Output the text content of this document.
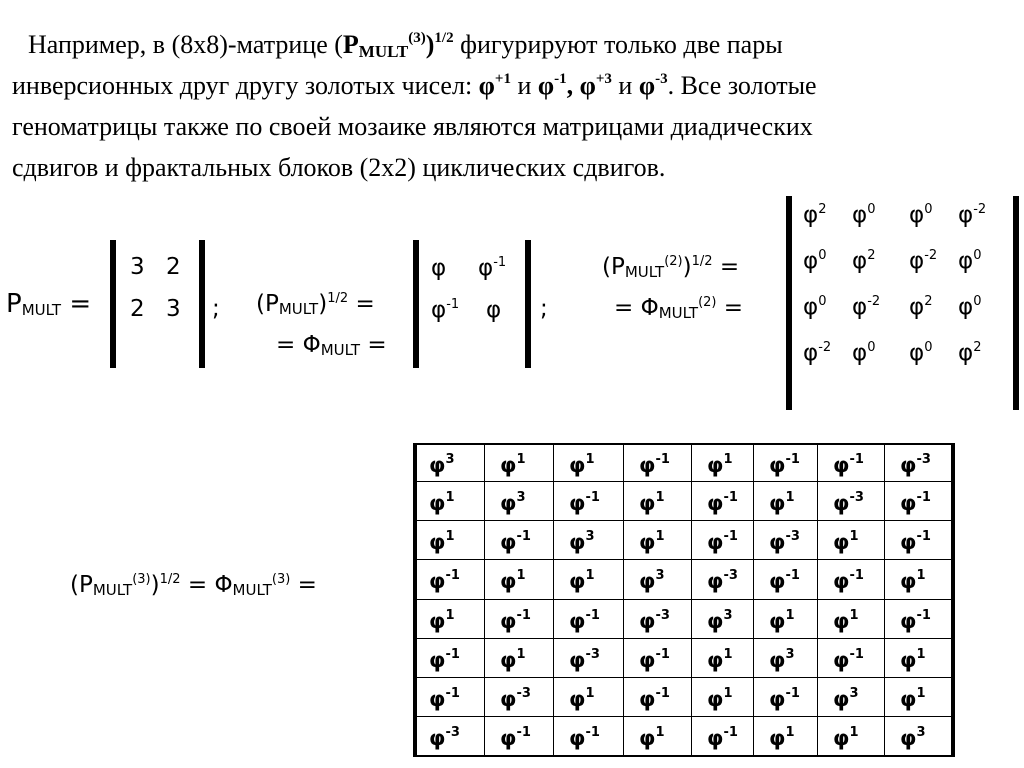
Например, в (8х8)-матрице $(P_{MULT}^{(3)})^{1/2}$ фигурируют только две пары
инверсионных друг другу золотых чисел: $\varphi^{+1}$ и $\varphi^{-1}$, $\varphi^{+3}$ и $\varphi^{-3}$. Все золотые
геноматрицы также по своей мозаике являются матрицами диадических
сдвигов и фрактальных блоков (2х2) циклических сдвигов.
PMULT =
3 2
2 3 ; (PMULT)$^{1/2}$ =
= ΦMULT =
φ $\varphi^{-1}$
$\varphi^{-1}$ φ ;
$(PMULT^{(2)})^{1/2}$ =
= $\Phi MULT^{(2)}$ =
$\varphi^2$ $\varphi^0$ $\varphi^0$ $\varphi^{-2}$
$\varphi^0$ $\varphi^2$ $\varphi^{-2}$ $\varphi^0$
$\varphi^0$ $\varphi^{-2}$ $\varphi^2$ $\varphi^0$
$\varphi^{-2}$ $\varphi^0$ $\varphi^0$ $\varphi^2$
$(PMULT^{(3)})^{1/2}$ = $\Phi MULT^{(3)}$ =
$\varphi^3$ $\varphi^1$ $\varphi^1$ $\varphi^{-1}$ $\varphi^1$ $\varphi^{-1}$ $\varphi^{-1}$ $\varphi^{-3}$
$\varphi^1$ $\varphi^3$ $\varphi^{-1}$ $\varphi^1$ $\varphi^{-1}$ $\varphi^1$ $\varphi^{-3}$ $\varphi^{-1}$
$\varphi^1$ $\varphi^{-1}$ $\varphi^3$ $\varphi^1$ $\varphi^{-1}$ $\varphi^{-3}$ $\varphi^1$ $\varphi^{-1}$
$\varphi^{-1}$ $\varphi^1$ $\varphi^1$ $\varphi^3$ $\varphi^{-3}$ $\varphi^{-1}$ $\varphi^{-1}$ $\varphi^1$
$\varphi^1$ $\varphi^{-1}$ $\varphi^{-1}$ $\varphi^{-3}$ $\varphi^3$ $\varphi^1$ $\varphi^1$ $\varphi^{-1}$
$\varphi^{-1}$ $\varphi^1$ $\varphi^{-3}$ $\varphi^{-1}$ $\varphi^1$ $\varphi^3$ $\varphi^{-1}$ $\varphi^1$
$\varphi^{-1}$ $\varphi^{-3}$ $\varphi^1$ $\varphi^{-1}$ $\varphi^1$ $\varphi^{-1}$ $\varphi^3$ $\varphi^1$
$\varphi^{-3}$ $\varphi^{-1}$ $\varphi^{-1}$ $\varphi^1$ $\varphi^{-1}$ $\varphi^1$ $\varphi^1$ $\varphi^3$
